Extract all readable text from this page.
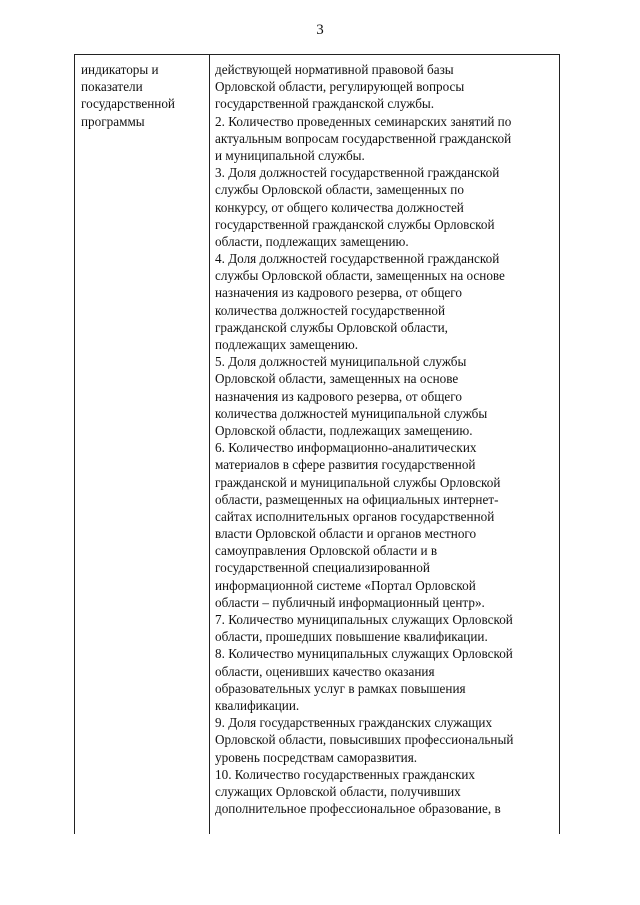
3
индикаторы и
показатели
государственной
программы
действующей нормативной правовой базы
Орловской области, регулирующей вопросы
государственной гражданской службы.
2. Количество проведенных семинарских занятий по
актуальным вопросам государственной гражданской
и муниципальной службы.
3. Доля должностей государственной гражданской
службы Орловской области, замещенных по
конкурсу, от общего количества должностей
государственной гражданской службы Орловской
области, подлежащих замещению.
4. Доля должностей государственной гражданской
службы Орловской области, замещенных на основе
назначения из кадрового резерва, от общего
количества должностей государственной
гражданской службы Орловской области,
подлежащих замещению.
5. Доля должностей муниципальной службы
Орловской области, замещенных на основе
назначения из кадрового резерва, от общего
количества должностей муниципальной службы
Орловской области, подлежащих замещению.
6. Количество информационно-аналитических
материалов в сфере развития государственной
гражданской и муниципальной службы Орловской
области, размещенных на официальных интернет-
сайтах исполнительных органов государственной
власти Орловской области и органов местного
самоуправления Орловской области и в
государственной специализированной
информационной системе «Портал Орловской
области – публичный информационный центр».
7. Количество муниципальных служащих Орловской
области, прошедших повышение квалификации.
8. Количество муниципальных служащих Орловской
области, оценивших качество оказания
образовательных услуг в рамках повышения
квалификации.
9. Доля государственных гражданских служащих
Орловской области, повысивших профессиональный
уровень посредствам саморазвития.
10. Количество государственных гражданских
служащих Орловской области, получивших
дополнительное профессиональное образование, в
